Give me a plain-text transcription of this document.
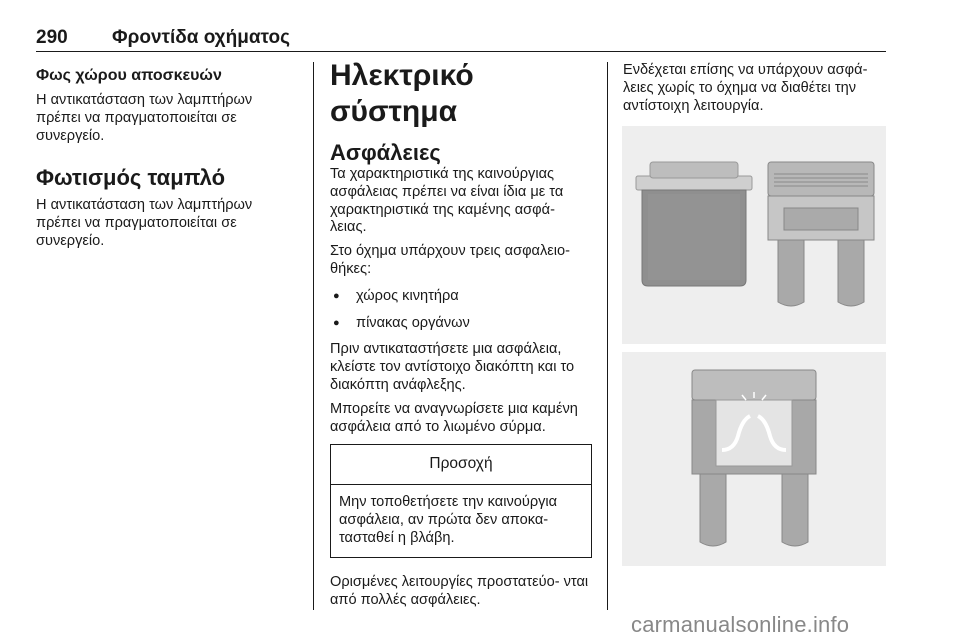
290 Φροντίδα οχήματος
Φως χώρου αποσκευών

Η αντικατάσταση των λαμπτήρων πρέπει να πραγματοποιείται σε συνεργείο.

Φωτισμός ταμπλό

Η αντικατάσταση των λαμπτήρων πρέπει να πραγματοποιείται σε συνεργείο.

Ηλεκτρικό σύστημα
Ασφάλειες

Τα χαρακτηριστικά της καινούργιας ασφάλειας πρέπει να είναι ίδια με τα χαρακτηριστικά της καμένης ασφά- λειας.

Στο όχημα υπάρχουν τρεις ασφαλειο- θήκες:

● χώρος κινητήρα
● πίνακας οργάνων

Πριν αντικαταστήσετε μια ασφάλεια, κλείστε τον αντίστοιχο διακόπτη και το διακόπτη ανάφλεξης.

Μπορείτε να αναγνωρίσετε μια καμένη ασφάλεια από το λιωμένο σύρμα.

Προσοχή

Μην τοποθετήσετε την καινούργια ασφάλεια, αν πρώτα δεν αποκα- τασταθεί η βλάβη.

Ορισμένες λειτουργίες προστατεύο- νται από πολλές ασφάλειες.

Ενδέχεται επίσης να υπάρχουν ασφά- λειες χωρίς το όχημα να διαθέτει την αντίστοιχη λειτουργία.

carmanualsonline.info
